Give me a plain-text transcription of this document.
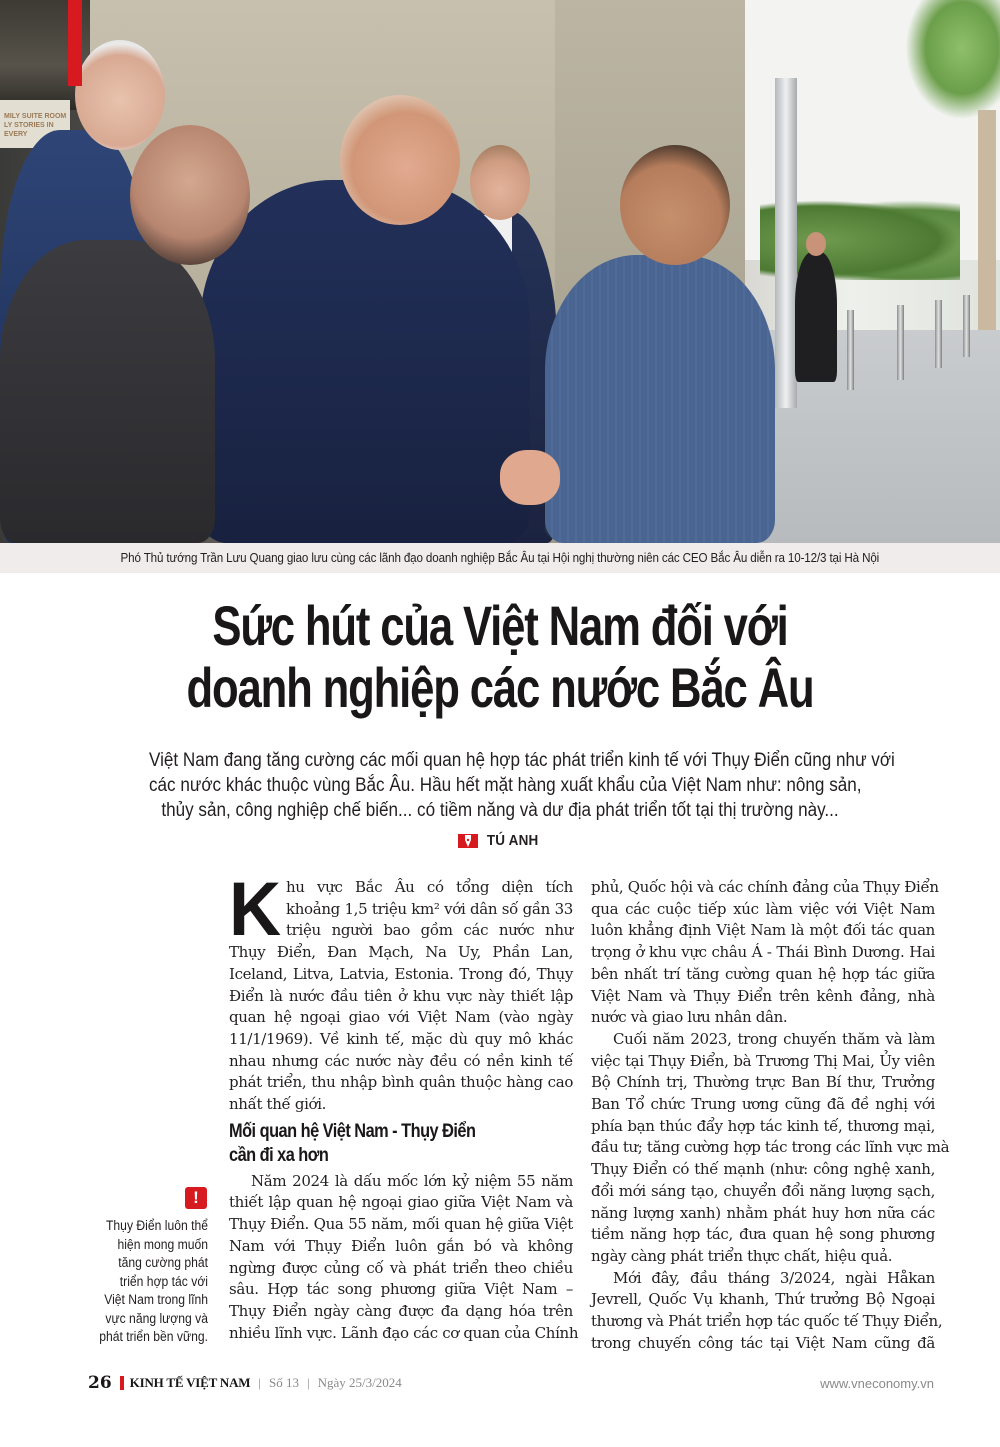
MILY SUITE ROOM
LY STORIES IN EVERY
Phó Thủ tướng Trần Lưu Quang giao lưu cùng các lãnh đạo doanh nghiệp Bắc Âu tại Hội nghị thường niên các CEO Bắc Âu diễn ra 10-12/3 tại Hà Nội
Sức hút của Việt Nam đối với
doanh nghiệp các nước Bắc Âu
Việt Nam đang tăng cường các mối quan hệ hợp tác phát triển kinh tế với Thụy Điển cũng như với
các nước khác thuộc vùng Bắc Âu. Hầu hết mặt hàng xuất khẩu của Việt Nam như: nông sản,
thủy sản, công nghiệp chế biến... có tiềm năng và dư địa phát triển tốt tại thị trường này...
TÚ ANH
K hu vực Bắc Âu có tổng diện tích
khoảng 1,5 triệu km² với dân số gần 33
triệu người bao gồm các nước như
Thụy Điển, Đan Mạch, Na Uy, Phần Lan,
Iceland, Litva, Latvia, Estonia. Trong đó, Thụy
Điển là nước đầu tiên ở khu vực này thiết lập
quan hệ ngoại giao với Việt Nam (vào ngày
11/1/1969). Về kinh tế, mặc dù quy mô khác
nhau nhưng các nước này đều có nền kinh tế
phát triển, thu nhập bình quân thuộc hàng cao
nhất thế giới.
Mối quan hệ Việt Nam - Thụy Điển
cần đi xa hơn
Năm 2024 là dấu mốc lớn kỷ niệm 55 năm
thiết lập quan hệ ngoại giao giữa Việt Nam và
Thụy Điển. Qua 55 năm, mối quan hệ giữa Việt
Nam với Thụy Điển luôn gắn bó và không
ngừng được củng cố và phát triển theo chiều
sâu. Hợp tác song phương giữa Việt Nam –
Thụy Điển ngày càng được đa dạng hóa trên
nhiều lĩnh vực. Lãnh đạo các cơ quan của Chính
phủ, Quốc hội và các chính đảng của Thụy Điển
qua các cuộc tiếp xúc làm việc với Việt Nam
luôn khẳng định Việt Nam là một đối tác quan
trọng ở khu vực châu Á - Thái Bình Dương. Hai
bên nhất trí tăng cường quan hệ hợp tác giữa
Việt Nam và Thụy Điển trên kênh đảng, nhà
nước và giao lưu nhân dân.
Cuối năm 2023, trong chuyến thăm và làm
việc tại Thụy Điển, bà Trương Thị Mai, Ủy viên
Bộ Chính trị, Thường trực Ban Bí thư, Trưởng
Ban Tổ chức Trung ương cũng đã đề nghị với
phía bạn thúc đẩy hợp tác kinh tế, thương mại,
đầu tư; tăng cường hợp tác trong các lĩnh vực mà
Thụy Điển có thế mạnh (như: công nghệ xanh,
đổi mới sáng tạo, chuyển đổi năng lượng sạch,
năng lượng xanh) nhằm phát huy hơn nữa các
tiềm năng hợp tác, đưa quan hệ song phương
ngày càng phát triển thực chất, hiệu quả.
Mới đây, đầu tháng 3/2024, ngài Håkan
Jevrell, Quốc Vụ khanh, Thứ trưởng Bộ Ngoại
thương và Phát triển hợp tác quốc tế Thụy Điển,
trong chuyến công tác tại Việt Nam cũng đã
!
Thụy Điển luôn thể
hiện mong muốn
tăng cường phát
triển hợp tác với
Việt Nam trong lĩnh
vực năng lượng và
phát triển bền vững.
26 KINH TẾ VIỆT NAM | Số 13 | Ngày 25/3/2024	www.vneconomy.vn
